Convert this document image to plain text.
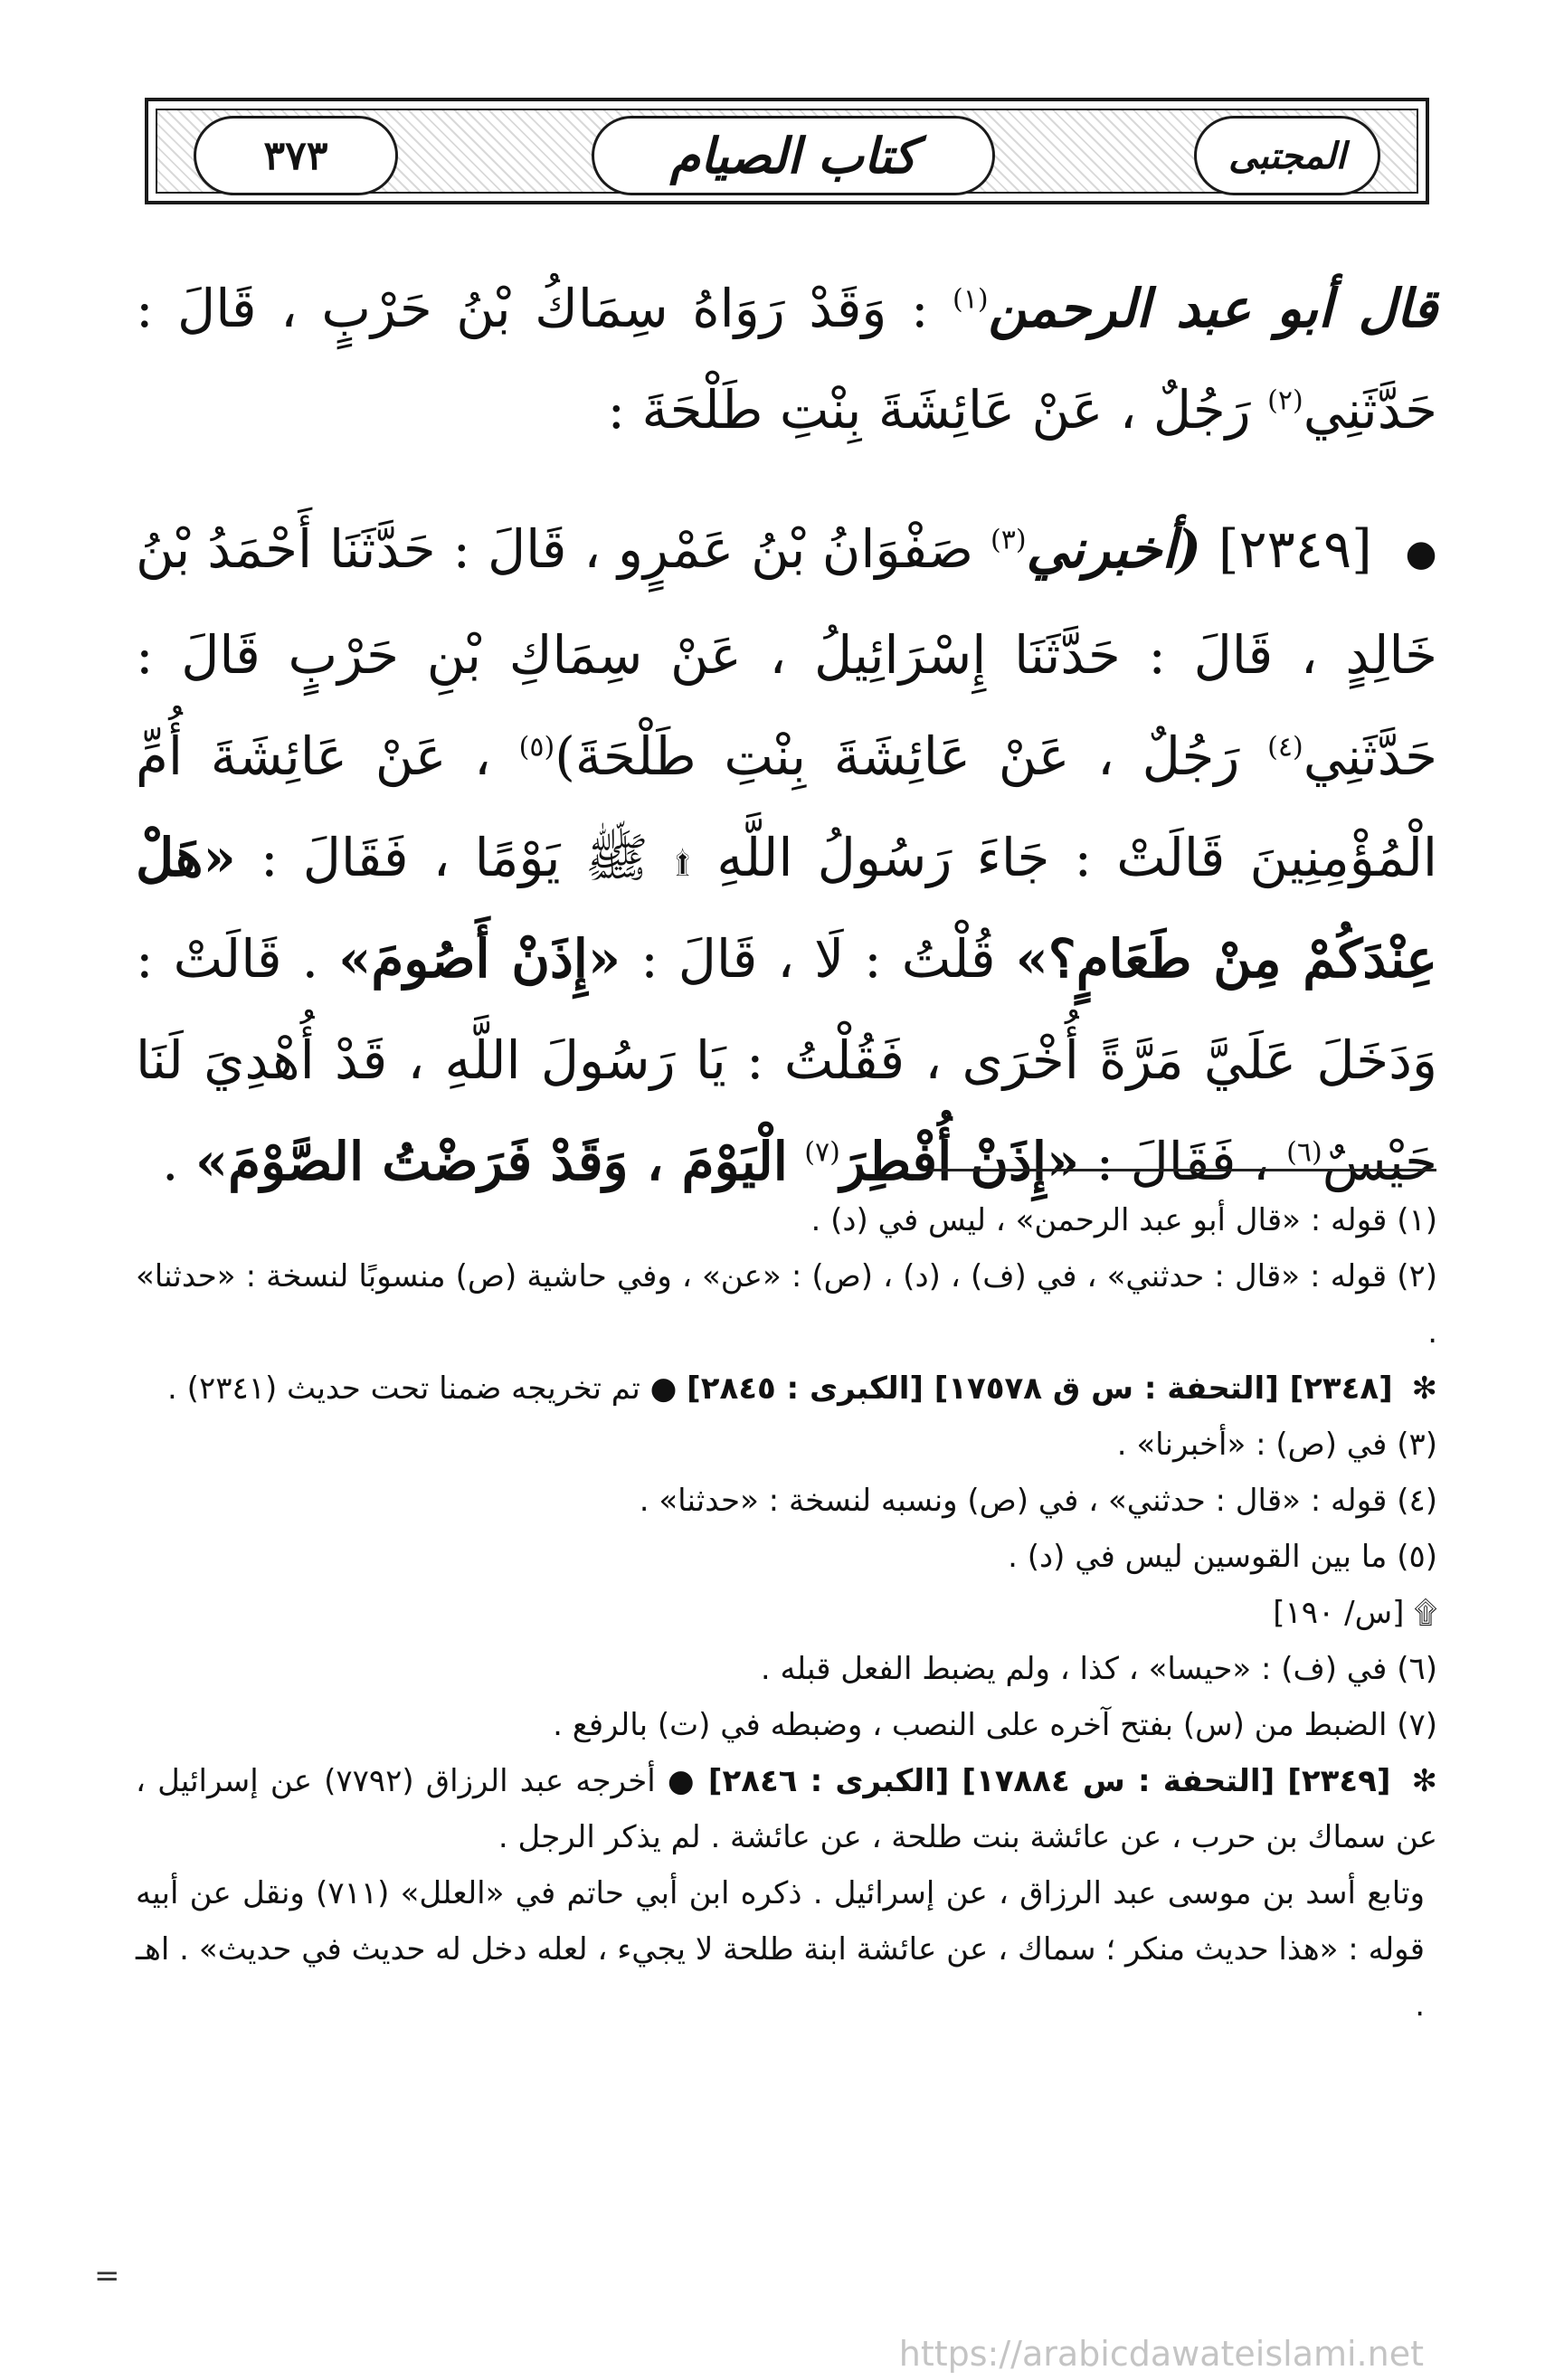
٣٧٣	كتاب الصيام	المجتبى

قال أبو عبد الرحمن$^{(١)}$ : وَقَدْ رَوَاهُ سِمَاكُ بْنُ حَرْبٍ ، قَالَ : حَدَّثَنِي$^{(٢)}$ رَجُلٌ ، عَنْ عَائِشَةَ بِنْتِ طَلْحَةَ :

● [٢٣٤٩] (أخبرني$^{(٣)}$ صَفْوَانُ بْنُ عَمْرٍو ، قَالَ : حَدَّثَنَا أَحْمَدُ بْنُ خَالِدٍ ، قَالَ : حَدَّثَنَا إِسْرَائِيلُ ، عَنْ سِمَاكِ بْنِ حَرْبٍ قَالَ : حَدَّثَنِي$^{(٤)}$ رَجُلٌ ، عَنْ عَائِشَةَ بِنْتِ طَلْحَةَ)$^{(٥)}$ ، عَنْ عَائِشَةَ أُمِّ الْمُؤْمِنِينَ قَالَتْ : جَاءَ رَسُولُ اللَّهِ ۩ ﷺ يَوْمًا ، فَقَالَ : «هَلْ عِنْدَكُمْ مِنْ طَعَامٍ؟» قُلْتُ : لَا ، قَالَ : «إِذَنْ أَصُومَ» . قَالَتْ : وَدَخَلَ عَلَيَّ مَرَّةً أُخْرَى ، فَقُلْتُ : يَا رَسُولَ اللَّهِ ، قَدْ أُهْدِيَ لَنَا حَيْسٌ$^{(٦)}$ ، فَقَالَ : «إِذَنْ أُفْطِرَ$^{(٧)}$ الْيَوْمَ ، وَقَدْ فَرَضْتُ الصَّوْمَ» .

(١) قوله : «قال أبو عبد الرحمن» ، ليس في (د) .

(٢) قوله : «قال : حدثني» ، في (ف) ، (د) ، (ص) : «عن» ، وفي حاشية (ص) منسوبًا لنسخة : «حدثنا» .

✻ [٢٣٤٨] [التحفة : س ق ١٧٥٧٨] [الكبرى : ٢٨٤٥] ● تم تخريجه ضمنا تحت حديث (٢٣٤١) .

(٣) في (ص) : «أخبرنا» .

(٤) قوله : «قال : حدثني» ، في (ص) ونسبه لنسخة : «حدثنا» .

(٥) ما بين القوسين ليس في (د) .

۩ [س/ ١٩٠]

(٦) في (ف) : «حيسا» ، كذا ، ولم يضبط الفعل قبله .

(٧) الضبط من (س) بفتح آخره على النصب ، وضبطه في (ت) بالرفع .

✻ [٢٣٤٩] [التحفة : س ١٧٨٨٤] [الكبرى : ٢٨٤٦] ● أخرجه عبد الرزاق (٧٧٩٢) عن إسرائيل ، عن سماك بن حرب ، عن عائشة بنت طلحة ، عن عائشة . لم يذكر الرجل .

وتابع أسد بن موسى عبد الرزاق ، عن إسرائيل . ذكره ابن أبي حاتم في «العلل» (٧١١) ونقل عن أبيه قوله : «هذا حديث منكر ؛ سماك ، عن عائشة ابنة طلحة لا يجيء ، لعله دخل له حديث في حديث» . اهـ .

=
https://arabicdawateislami.net
